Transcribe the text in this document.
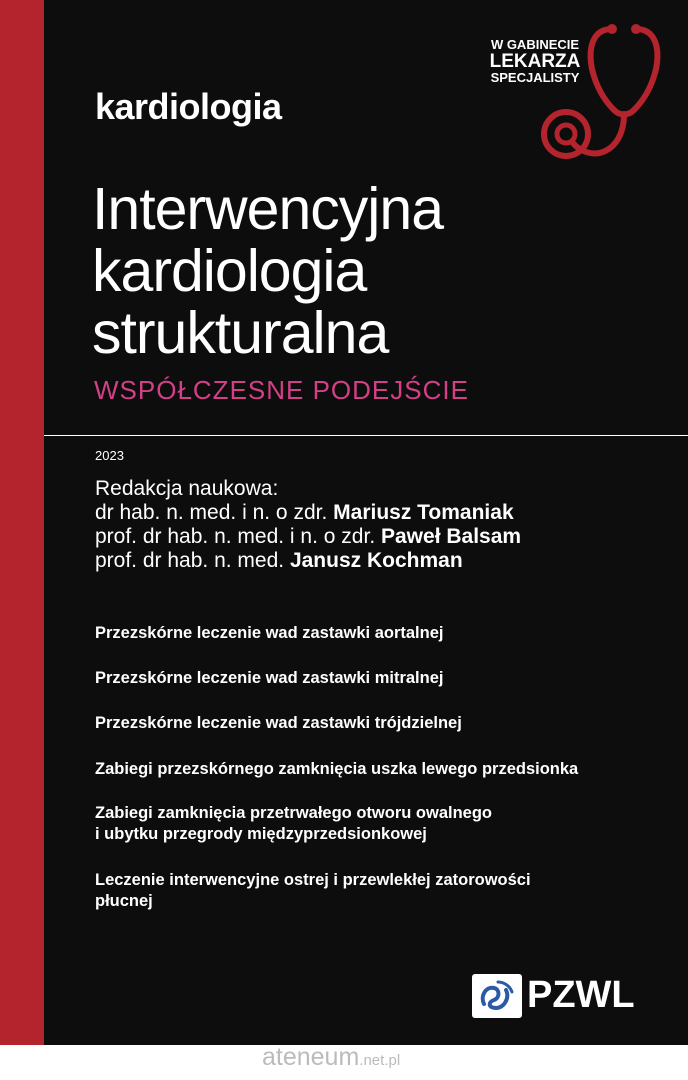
W GABINECIE
LEKARZA
SPECJALISTY
kardiologia
Interwencyjna
kardiologia
strukturalna
WSPÓŁCZESNE PODEJŚCIE
2023
Redakcja naukowa:
dr hab. n. med. i n. o zdr. Mariusz Tomaniak
prof. dr hab. n. med. i n. o zdr. Paweł Balsam
prof. dr hab. n. med. Janusz Kochman
Przezskórne leczenie wad zastawki aortalnej
Przezskórne leczenie wad zastawki mitralnej
Przezskórne leczenie wad zastawki trójdzielnej
Zabiegi przezskórnego zamknięcia uszka lewego przedsionka
Zabiegi zamknięcia przetrwałego otworu owalnego
i ubytku przegrody międzyprzedsionkowej
Leczenie interwencyjne ostrej i przewlekłej zatorowości
płucnej
PZWL
ateneum.net.pl
